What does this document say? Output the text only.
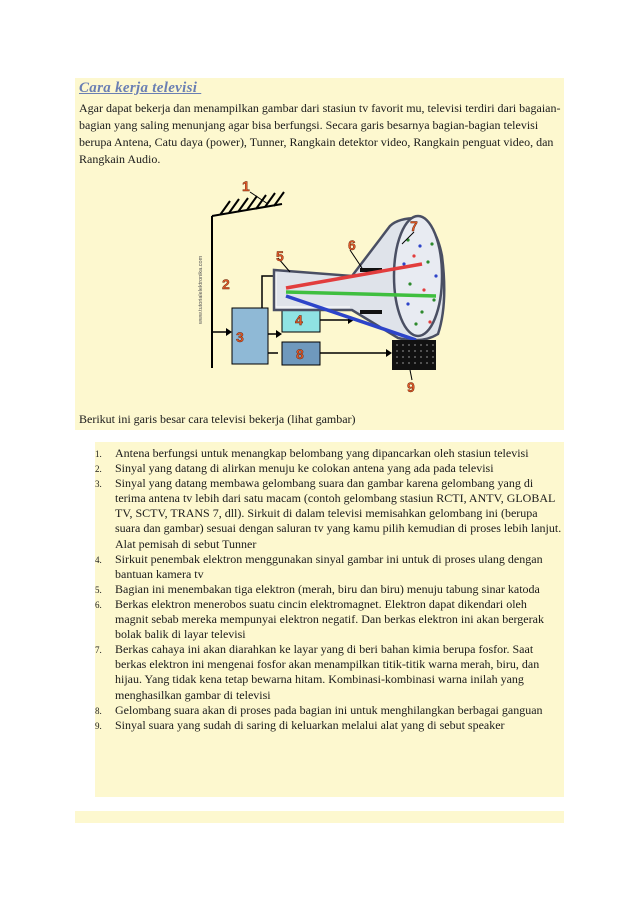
Cara kerja televisi

Agar dapat bekerja dan menampilkan gambar dari stasiun tv favorit mu, televisi terdiri dari bagaian-bagian yang saling menunjang agar bisa berfungsi. Secara garis besarnya bagian-bagian televisi berupa Antena, Catu daya (power), Tunner, Rangkain detektor video, Rangkain penguat video, dan Rangkain Audio.

www.tutorialelektronika.com
1
2
3
4
5
6
7
8
9

Berikut ini garis besar cara televisi bekerja (lihat gambar)

1. Antena berfungsi untuk menangkap belombang yang dipancarkan oleh stasiun televisi
2. Sinyal yang datang di alirkan menuju ke colokan antena yang ada pada televisi
3. Sinyal yang datang membawa gelombang suara dan gambar karena gelombang yang di terima antena tv lebih dari satu macam (contoh gelombang stasiun RCTI, ANTV, GLOBAL TV, SCTV, TRANS 7, dll). Sirkuit di dalam televisi memisahkan gelombang ini (berupa suara dan gambar) sesuai dengan saluran tv yang kamu pilih kemudian di proses lebih lanjut. Alat pemisah di sebut Tunner
4. Sirkuit penembak elektron menggunakan sinyal gambar ini untuk di proses ulang dengan bantuan kamera tv
5. Bagian ini menembakan tiga elektron (merah, biru dan biru) menuju tabung sinar katoda
6. Berkas elektron menerobos suatu cincin elektromagnet. Elektron dapat dikendari oleh magnit sebab mereka mempunyai elektron negatif. Dan berkas elektron ini akan bergerak bolak balik di layar televisi
7. Berkas cahaya ini akan diarahkan ke layar yang di beri bahan kimia berupa fosfor. Saat berkas elektron ini mengenai fosfor akan menampilkan titik-titik warna merah, biru, dan hijau. Yang tidak kena tetap bewarna hitam. Kombinasi-kombinasi warna inilah yang menghasilkan gambar di televisi
8. Gelombang suara akan di proses pada bagian ini untuk menghilangkan berbagai ganguan
9. Sinyal suara yang sudah di saring di keluarkan melalui alat yang di sebut speaker
